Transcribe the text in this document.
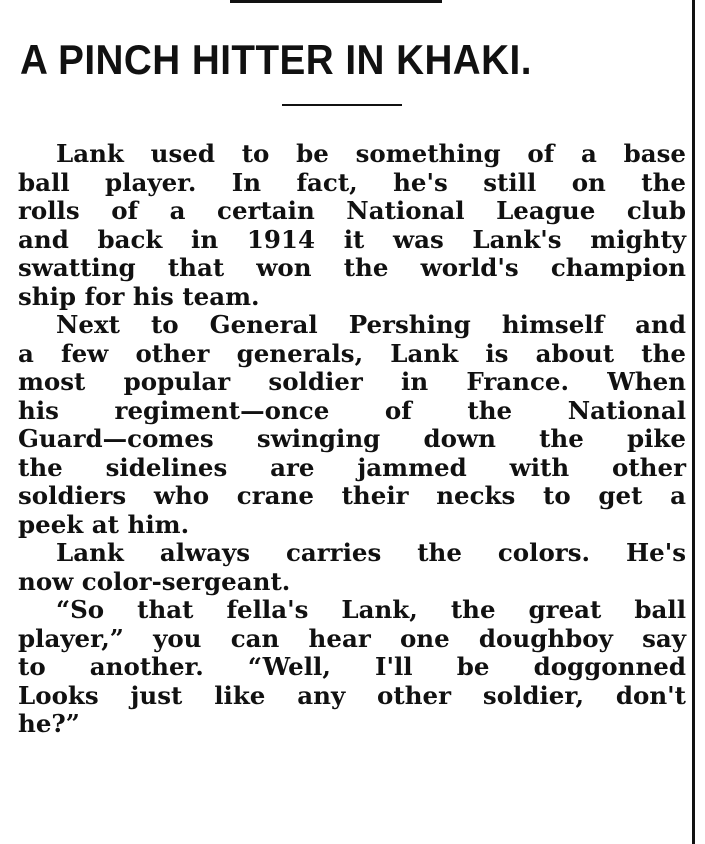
A PINCH HITTER IN KHAKI.
Lank used to be something of a base
ball player. In fact, he's still on the
rolls of a certain National League club
and back in 1914 it was Lank's mighty
swatting that won the world's champion
ship for his team.
Next to General Pershing himself and
a few other generals, Lank is about the
most popular soldier in France. When
his regiment—once of the National
Guard—comes swinging down the pike
the sidelines are jammed with other
soldiers who crane their necks to get a
peek at him.
Lank always carries the colors. He's
now color-sergeant.
“So that fella's Lank, the great ball
player,” you can hear one doughboy say
to another. “Well, I'll be doggonned
Looks just like any other soldier, don't
he?”
